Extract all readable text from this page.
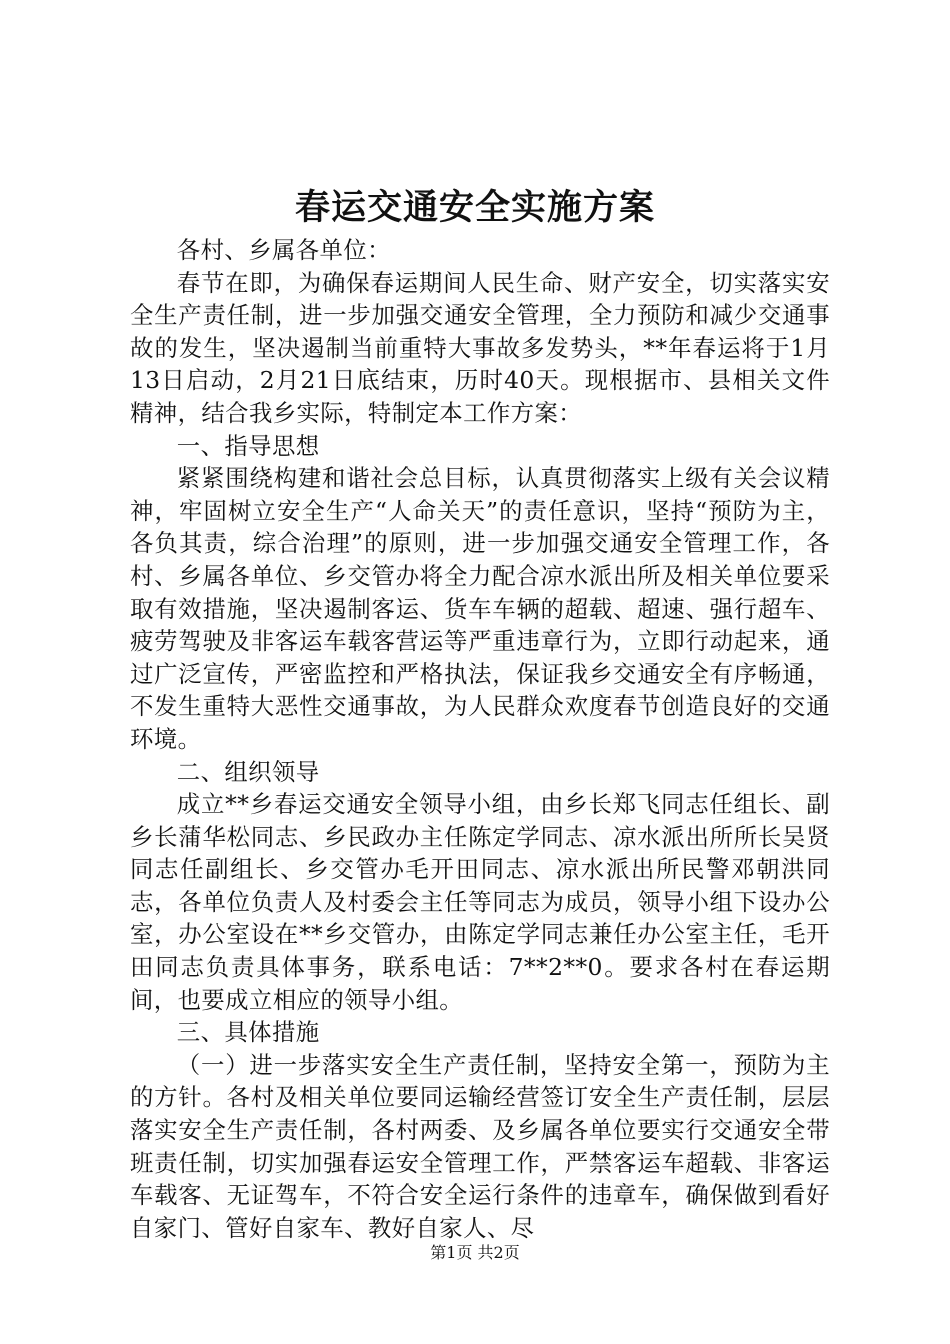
春运交通安全实施方案

各村、乡属各单位：

春节在即，为确保春运期间人民生命、财产安全，切实落实安全生产责任制，进一步加强交通安全管理，全力预防和减少交通事故的发生，坚决遏制当前重特大事故多发势头，**年春运将于1月13日启动，2月21日底结束，历时40天。现根据市、县相关文件精神，结合我乡实际，特制定本工作方案：

一、指导思想

紧紧围绕构建和谐社会总目标，认真贯彻落实上级有关会议精神，牢固树立安全生产“人命关天”的责任意识，坚持“预防为主，各负其责，综合治理”的原则，进一步加强交通安全管理工作，各村、乡属各单位、乡交管办将全力配合凉水派出所及相关单位要采取有效措施，坚决遏制客运、货车车辆的超载、超速、强行超车、疲劳驾驶及非客运车载客营运等严重违章行为，立即行动起来，通过广泛宣传，严密监控和严格执法，保证我乡交通安全有序畅通，不发生重特大恶性交通事故，为人民群众欢度春节创造良好的交通环境。

二、组织领导

成立**乡春运交通安全领导小组，由乡长郑飞同志任组长、副乡长蒲华松同志、乡民政办主任陈定学同志、凉水派出所所长吴贤同志任副组长、乡交管办毛开田同志、凉水派出所民警邓朝洪同志，各单位负责人及村委会主任等同志为成员，领导小组下设办公室，办公室设在**乡交管办，由陈定学同志兼任办公室主任，毛开田同志负责具体事务，联系电话：7**2**0。要求各村在春运期间，也要成立相应的领导小组。

三、具体措施

（一）进一步落实安全生产责任制，坚持安全第一，预防为主的方针。各村及相关单位要同运输经营签订安全生产责任制，层层落实安全生产责任制，各村两委、及乡属各单位要实行交通安全带班责任制，切实加强春运安全管理工作，严禁客运车超载、非客运车载客、无证驾车，不符合安全运行条件的违章车，确保做到看好自家门、管好自家车、教好自家人、尽

第1页 共2页
